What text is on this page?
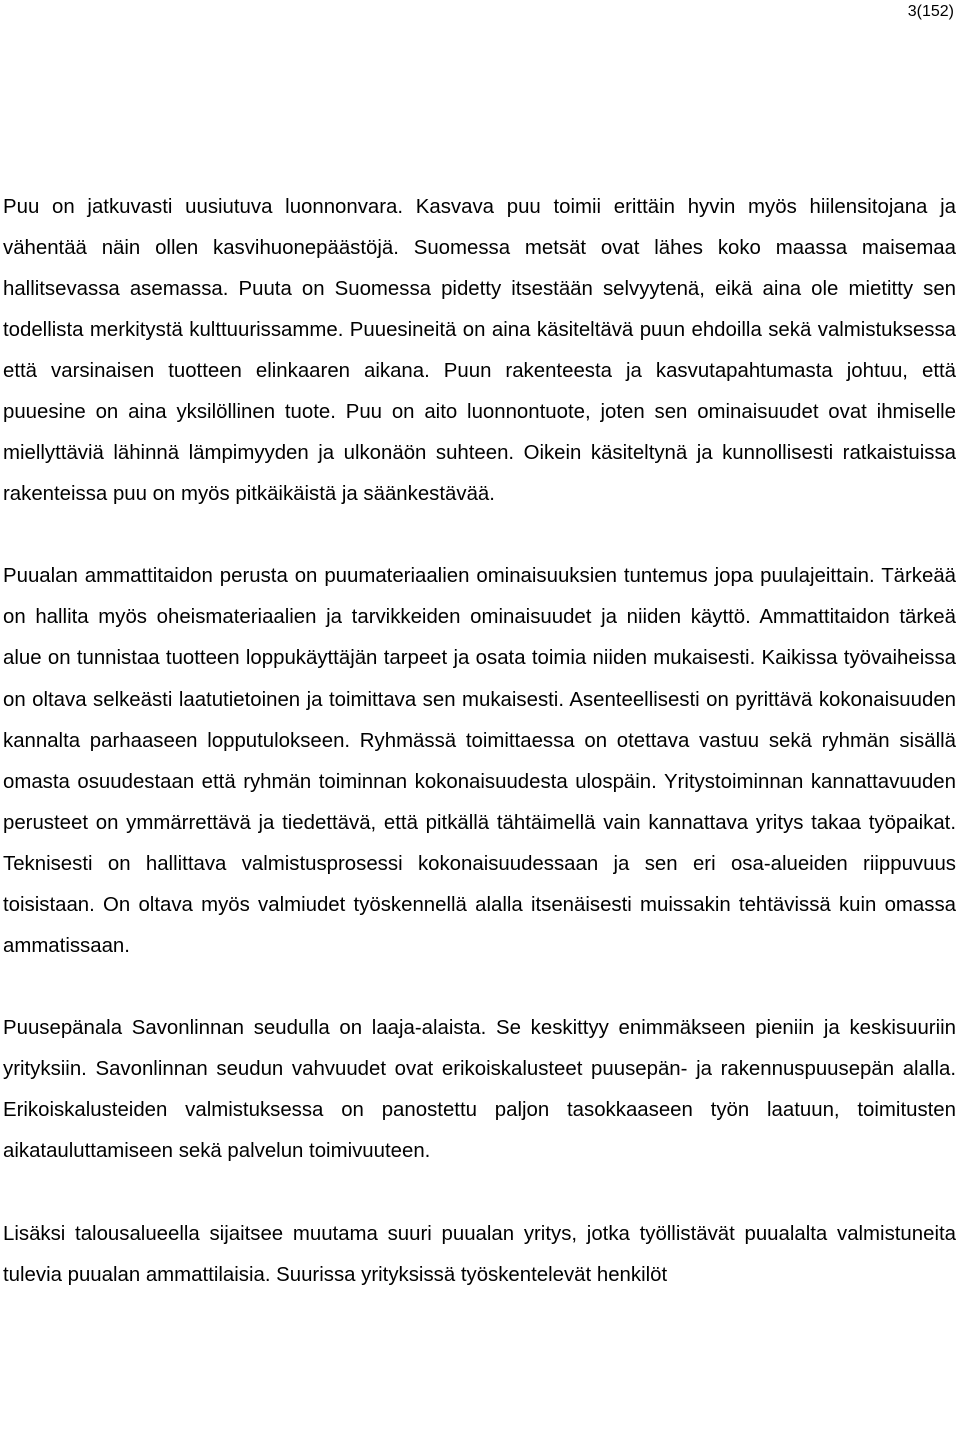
3(152)

Puu on jatkuvasti uusiutuva luonnonvara. Kasvava puu toimii erittäin hyvin myös hiilensitojana ja vähentää näin ollen kasvihuonepäästöjä. Suomessa metsät ovat lähes koko maassa maisemaa hallitsevassa asemassa. Puuta on Suomessa pidetty itsestään selvyytenä, eikä aina ole mietitty sen todellista merkitystä kulttuurissamme. Puuesineitä on aina käsiteltävä puun ehdoilla sekä valmistuksessa että varsinaisen tuotteen elinkaaren aikana. Puun rakenteesta ja kasvutapahtumasta johtuu, että puuesine on aina yksilöllinen tuote. Puu on aito luonnontuote, joten sen ominaisuudet ovat ihmiselle miellyttäviä lähinnä lämpimyyden ja ulkonäön suhteen. Oikein käsiteltynä ja kunnollisesti ratkaistuissa rakenteissa puu on myös pitkäikäistä ja säänkestävää.

Puualan ammattitaidon perusta on puumateriaalien ominaisuuksien tuntemus jopa puulajeittain. Tärkeää on hallita myös oheismateriaalien ja tarvikkeiden ominaisuudet ja niiden käyttö. Ammattitaidon tärkeä alue on tunnistaa tuotteen loppukäyttäjän tarpeet ja osata toimia niiden mukaisesti. Kaikissa työvaiheissa on oltava selkeästi laatutietoinen ja toimittava sen mukaisesti. Asenteellisesti on pyrittävä kokonaisuuden kannalta parhaaseen lopputulokseen. Ryhmässä toimittaessa on otettava vastuu sekä ryhmän sisällä omasta osuudestaan että ryhmän toiminnan kokonaisuudesta ulospäin. Yritystoiminnan kannattavuuden perusteet on ymmärrettävä ja tiedettävä, että pitkällä tähtäimellä vain kannattava yritys takaa työpaikat. Teknisesti on hallittava valmistusprosessi kokonaisuudessaan ja sen eri osa-alueiden riippuvuus toisistaan. On oltava myös valmiudet työskennellä alalla itsenäisesti muissakin tehtävissä kuin omassa ammatissaan.

Puusepänala Savonlinnan seudulla on laaja-alaista. Se keskittyy enimmäkseen pieniin ja keskisuuriin yrityksiin. Savonlinnan seudun vahvuudet ovat erikoiskalusteet puusepän- ja rakennuspuusepän alalla. Erikoiskalusteiden valmistuksessa on panostettu paljon tasokkaaseen työn laatuun, toimitusten aikatauluttamiseen sekä palvelun toimivuuteen.

Lisäksi talousalueella sijaitsee muutama suuri puualan yritys, jotka työllistävät puualalta valmistuneita tulevia puualan ammattilaisia. Suurissa yrityksissä työskentelevät henkilöt
